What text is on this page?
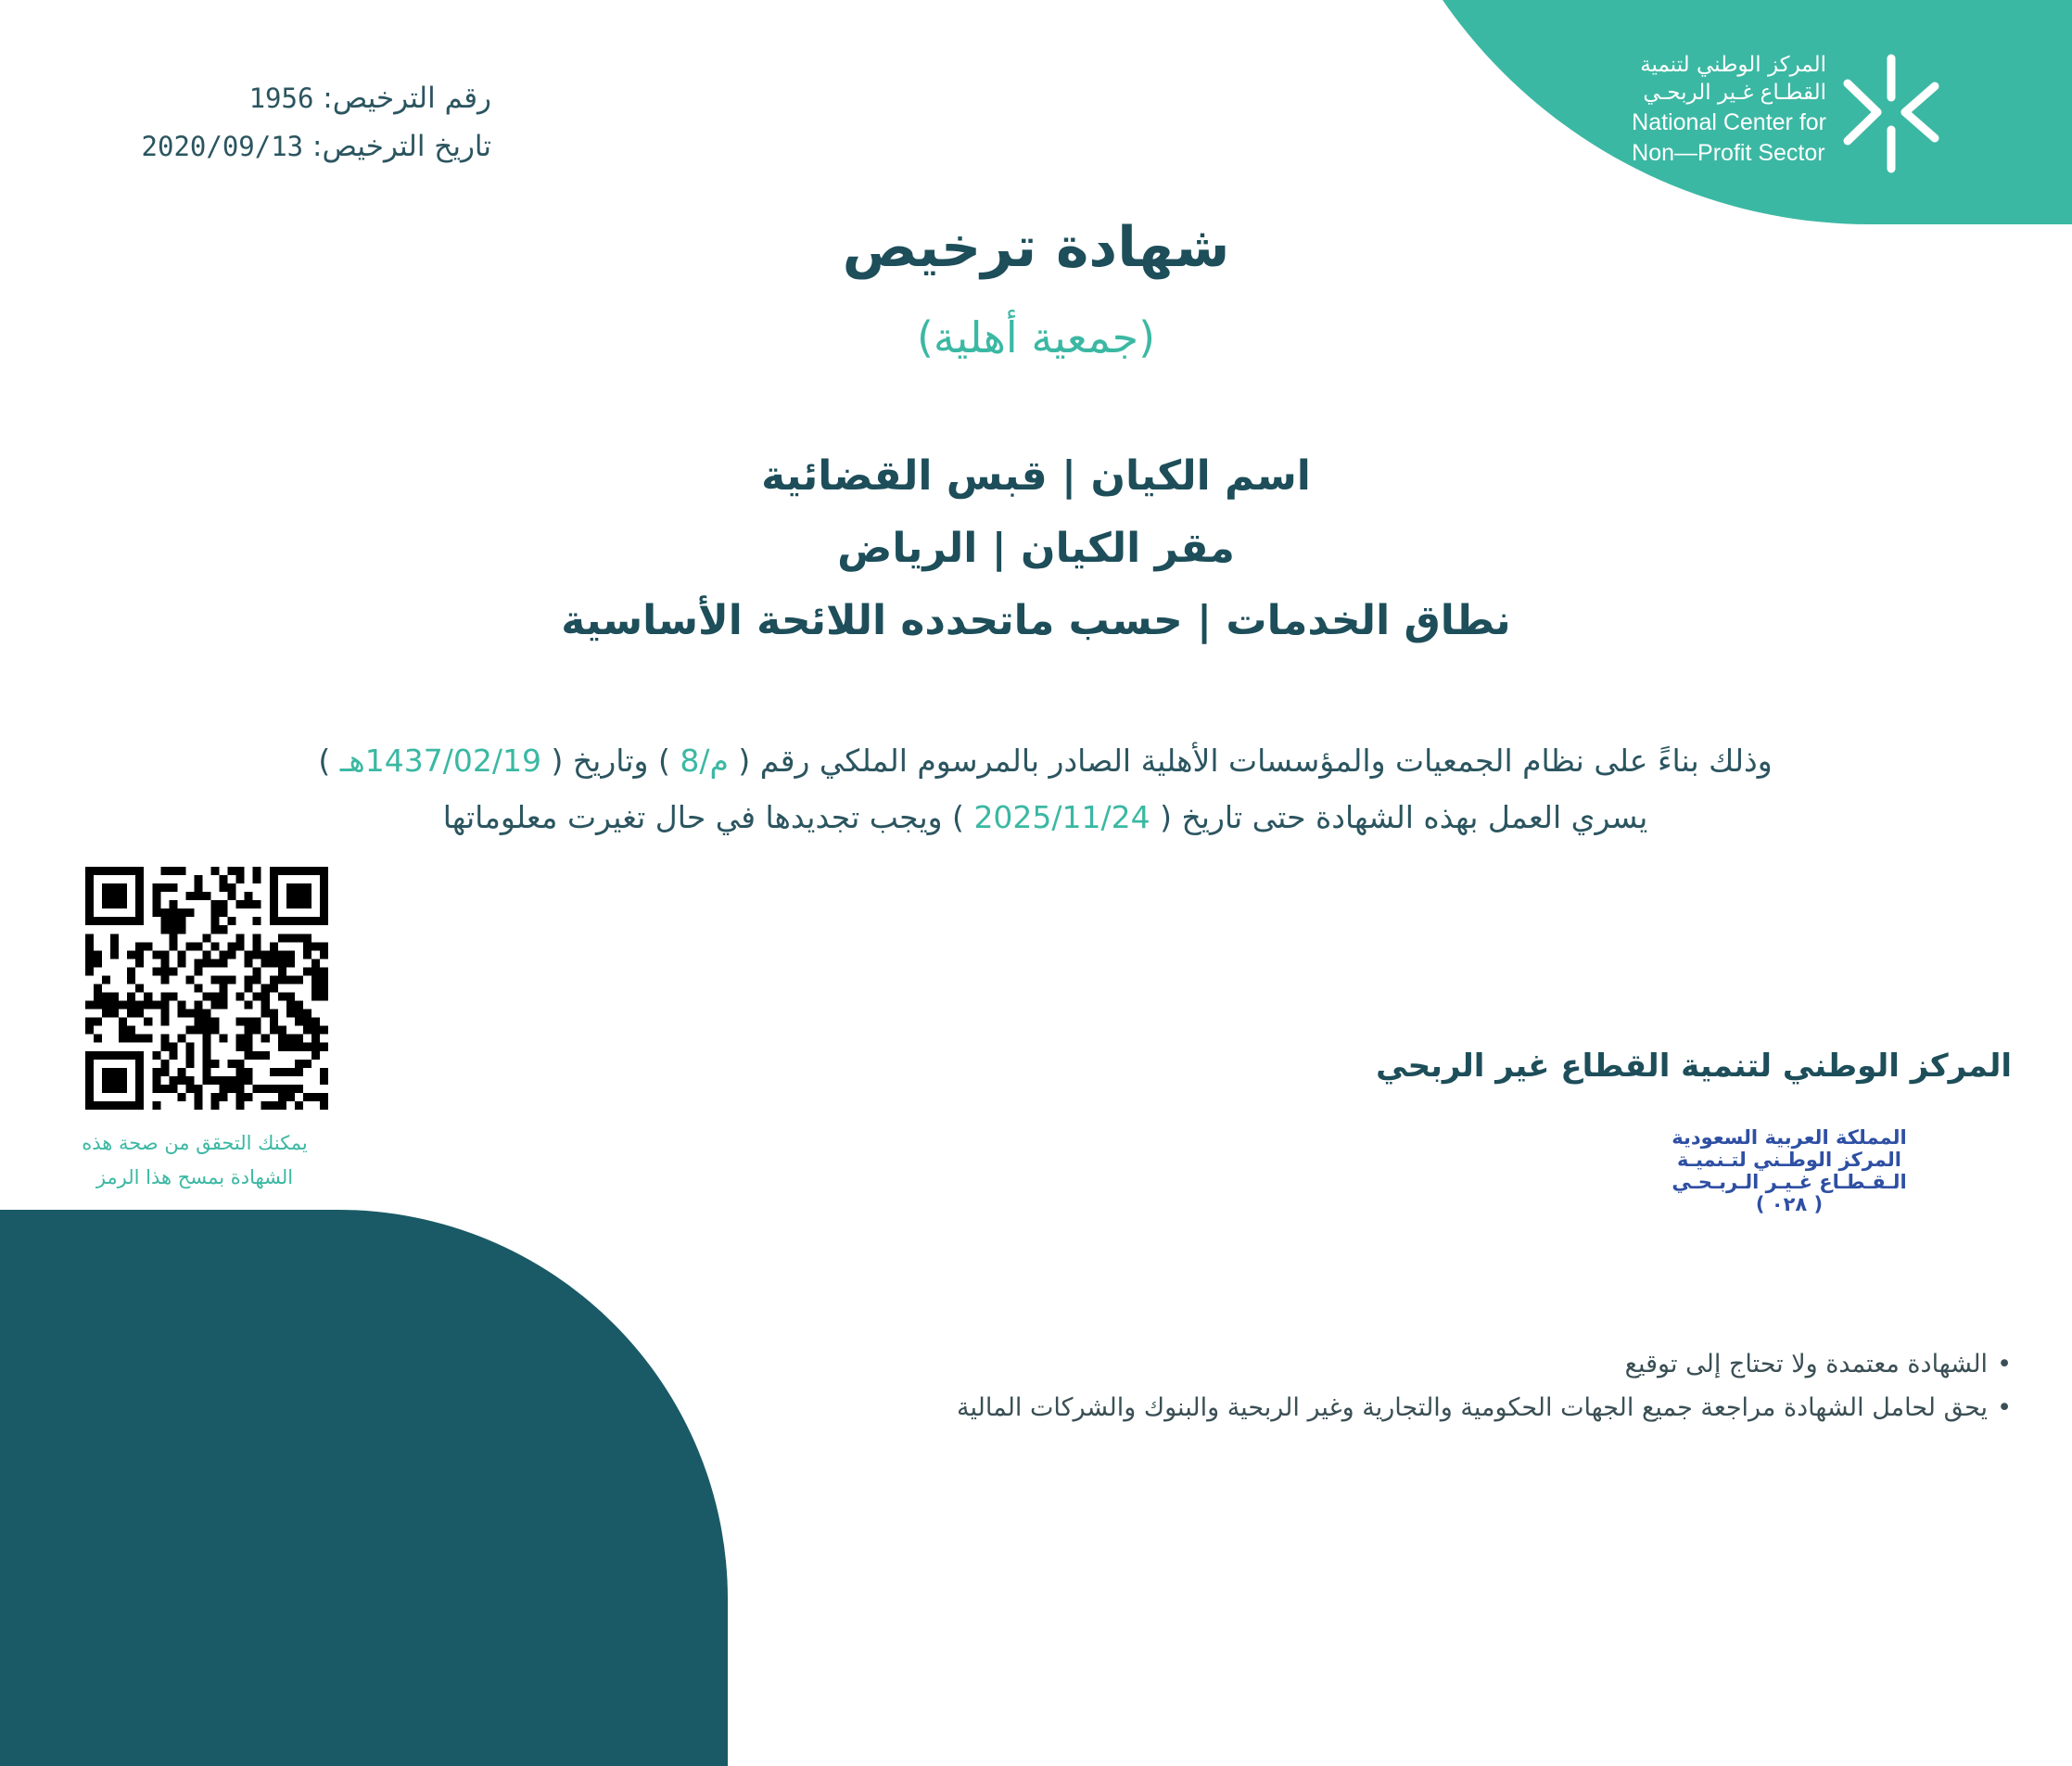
المركز الوطني لتنمية
القطـاع غـير الربحـي
National Center for
Non—Profit Sector
رقم الترخيص: 1956
تاريخ الترخيص: 2020/09/13
شهادة ترخيص
(جمعية أهلية)
اسم الكيان | قبس القضائية
مقر الكيان | الرياض
نطاق الخدمات | حسب ماتحدده اللائحة الأساسية
وذلك بناءً على نظام الجمعيات والمؤسسات الأهلية الصادر بالمرسوم الملكي رقم ( م/8 ) وتاريخ ( 1437/02/19هـ )
يسري العمل بهذه الشهادة حتى تاريخ ( 2025/11/24 ) ويجب تجديدها في حال تغيرت معلوماتها
يمكنك التحقق من صحة هذه
الشهادة بمسح هذا الرمز
المركز الوطني لتنمية القطاع غير الربحي
المملكة العربية السعودية
المركز الوطـني لتـنميـة
الـقـطـاع غـيـر الـربـحـي
( ٠٢٨ )
•الشهادة معتمدة ولا تحتاج إلى توقيع
•يحق لحامل الشهادة مراجعة جميع الجهات الحكومية والتجارية وغير الربحية والبنوك والشركات المالية
